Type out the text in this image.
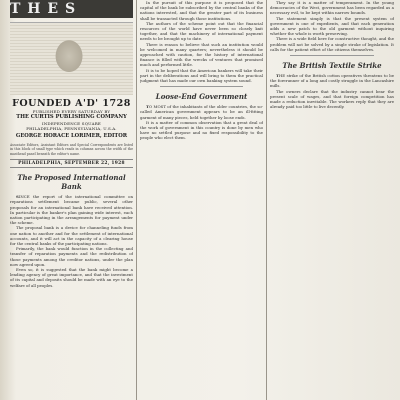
T H E S
FOUNDED A'D' 1728
PUBLISHED EVERY SATURDAY BY
THE CURTIS PUBLISHING COMPANY
INDEPENDENCE SQUARE
PHILADELPHIA, PENNSYLVANIA, U.S.A.
GEORGE HORACE LORIMER, EDITOR
Associate Editors, Assistant Editors and Special Correspondents are listed in this block of small type which reads in columns across the width of the masthead panel beneath the editor's name.
PHILADELPHIA, SEPTEMBER 22, 1928
The Proposed International Bank

SINCE the report of the international committee on reparations settlement became public, several other proposals for an international bank have received attention. In particular is the banker's plan gaining wide interest, each nation participating in the arrangements for payment under the scheme.

The proposal bank is a device for channeling funds from one nation to another and for the settlement of international accounts, and it will act in the capacity of a clearing house for the central banks of the participating nations.

Primarily, the bank would function in the collecting and transfer of reparation payments and the redistribution of those payments among the creditor nations, under the plan now agreed upon.

Even so, it is suggested that the bank might become a lending agency of great importance, and that the investment of its capital and deposits should be made with an eye to the welfare of all peoples.

In the pursuit of this purpose it is proposed that the capital of the bank be subscribed by the central banks of the nations interested, and that the greater part of its business shall be transacted through those institutions.

The authors of the scheme point out that the financial resources of the world have never been so closely knit together, and that the machinery of international payment needs to be brought up to date.

There is reason to believe that such an institution would be welcomed in many quarters; nevertheless it should be approached with caution, for the history of international finance is filled with the wrecks of ventures that promised much and performed little.

It is to be hoped that the American bankers will take their part in the deliberations and will bring to them the practical judgment that has made our own banking system sound.

Loose-End Government

TO MOST of the inhabitants of the older countries, the so-called American government appears to be an ill-fitting garment of many pieces, held together by loose ends.

It is a matter of common observation that a great deal of the work of government in this country is done by men who have no settled purpose and no fixed responsibility to the people who elect them.

They say it is a matter of temperament. In the young democracies of the West, government has been regarded as a necessary evil, to be kept within narrow bounds.

The statement simply is that the present system of government is one of expedients, and that each generation adds a new patch to the old garment without inquiring whether the whole is worth preserving.

There is a wide field here for constructive thought, and the problem will not be solved by a single stroke of legislation. It calls for the patient effort of the citizens themselves.

The British Textile Strike

THE strike of the British cotton operatives threatens to be the forerunner of a long and costly struggle in the Lancashire mills.

The owners declare that the industry cannot bear the present scale of wages, and that foreign competition has made a reduction inevitable. The workers reply that they are already paid too little to live decently.
